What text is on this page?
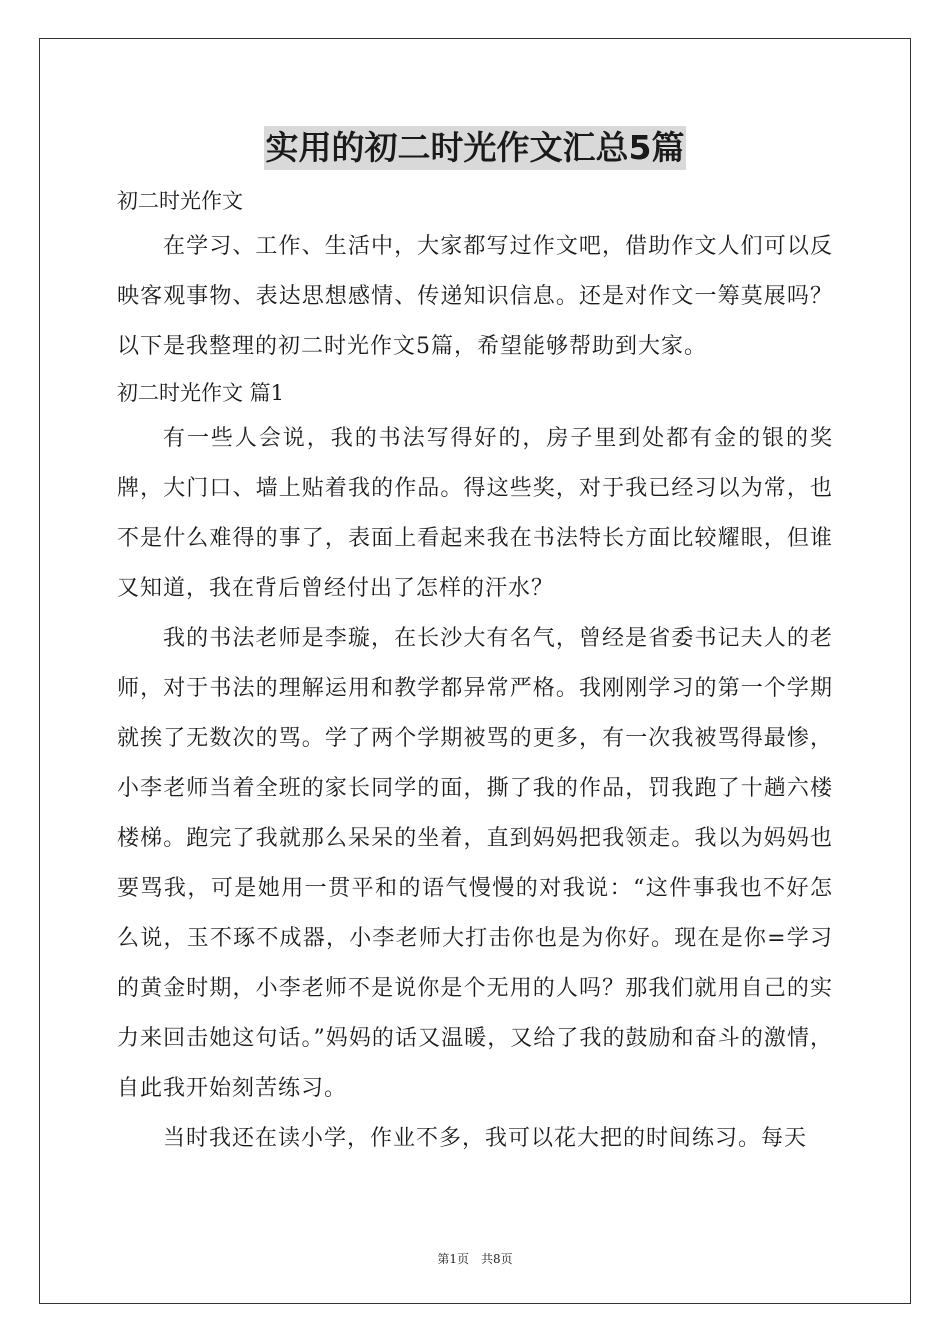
实用的初二时光作文汇总5篇

初二时光作文

在学习、工作、生活中，大家都写过作文吧，借助作文人们可以反映客观事物、表达思想感情、传递知识信息。还是对作文一筹莫展吗？以下是我整理的初二时光作文5篇，希望能够帮助到大家。

初二时光作文 篇1

有一些人会说，我的书法写得好的，房子里到处都有金的银的奖牌，大门口、墙上贴着我的作品。得这些奖，对于我已经习以为常，也不是什么难得的事了，表面上看起来我在书法特长方面比较耀眼，但谁又知道，我在背后曾经付出了怎样的汗水？

我的书法老师是李璇，在长沙大有名气，曾经是省委书记夫人的老师，对于书法的理解运用和教学都异常严格。我刚刚学习的第一个学期就挨了无数次的骂。学了两个学期被骂的更多，有一次我被骂得最惨，小李老师当着全班的家长同学的面，撕了我的作品，罚我跑了十趟六楼楼梯。跑完了我就那么呆呆的坐着，直到妈妈把我领走。我以为妈妈也要骂我，可是她用一贯平和的语气慢慢的对我说：“这件事我也不好怎么说，玉不琢不成器，小李老师大打击你也是为你好。现在是你=学习的黄金时期，小李老师不是说你是个无用的人吗？那我们就用自己的实力来回击她这句话。”妈妈的话又温暖，又给了我的鼓励和奋斗的激情，自此我开始刻苦练习。

当时我还在读小学，作业不多，我可以花大把的时间练习。每天

第1页　共8页
